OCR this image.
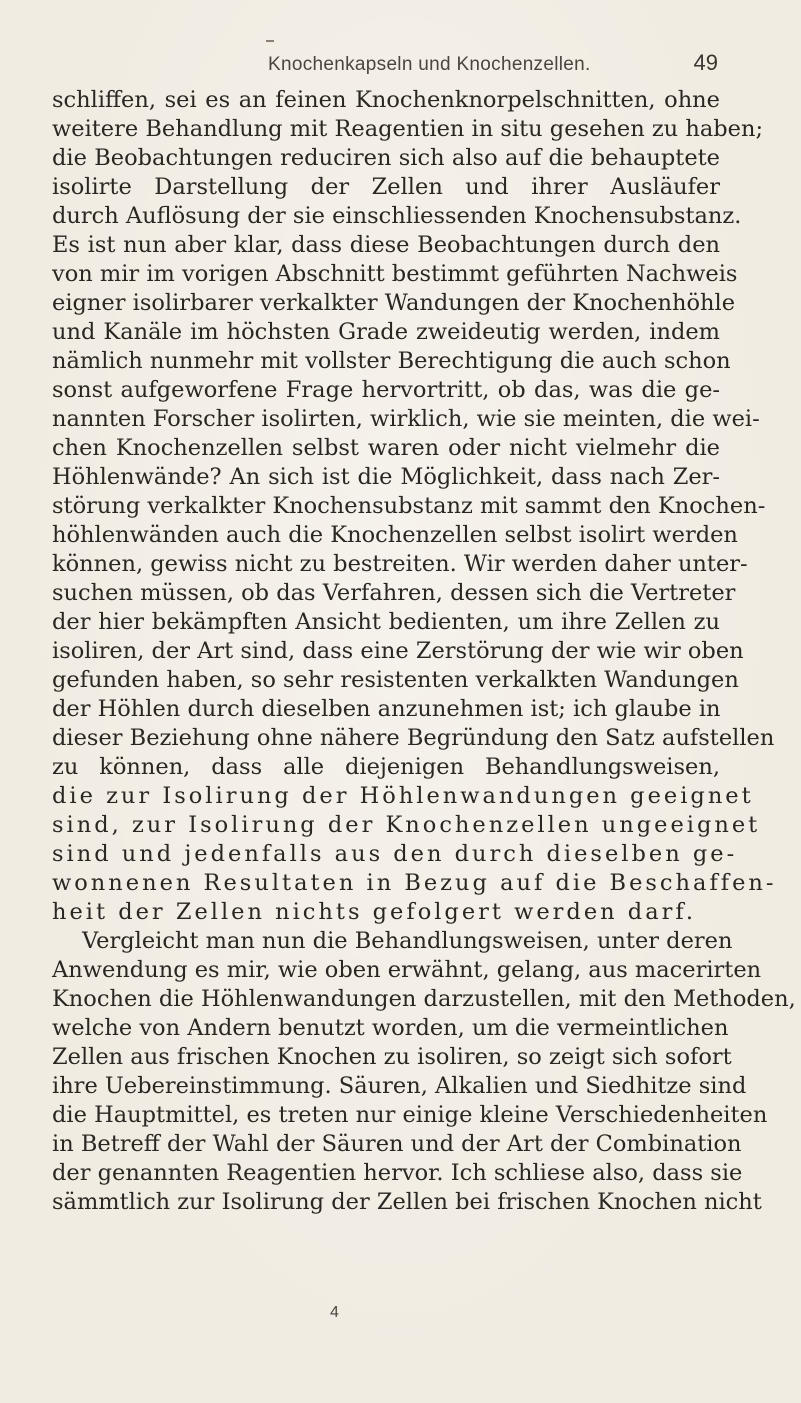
Knochenkapseln und Knochenzellen.	49
schliffen, sei es an feinen Knochenknorpelschnitten, ohne
weitere Behandlung mit Reagentien in situ gesehen zu haben;
die Beobachtungen reduciren sich also auf die behauptete
isolirte Darstellung der Zellen und ihrer Ausläufer
durch Auflösung der sie einschliessenden Knochensubstanz.
Es ist nun aber klar, dass diese Beobachtungen durch den
von mir im vorigen Abschnitt bestimmt geführten Nachweis
eigner isolirbarer verkalkter Wandungen der Knochenhöhle
und Kanäle im höchsten Grade zweideutig werden, indem
nämlich nunmehr mit vollster Berechtigung die auch schon
sonst aufgeworfene Frage hervortritt, ob das, was die ge-
nannten Forscher isolirten, wirklich, wie sie meinten, die wei-
chen Knochenzellen selbst waren oder nicht vielmehr die
Höhlenwände? An sich ist die Möglichkeit, dass nach Zer-
störung verkalkter Knochensubstanz mit sammt den Knochen-
höhlenwänden auch die Knochenzellen selbst isolirt werden
können, gewiss nicht zu bestreiten. Wir werden daher unter-
suchen müssen, ob das Verfahren, dessen sich die Vertreter
der hier bekämpften Ansicht bedienten, um ihre Zellen zu
isoliren, der Art sind, dass eine Zerstörung der wie wir oben
gefunden haben, so sehr resistenten verkalkten Wandungen
der Höhlen durch dieselben anzunehmen ist; ich glaube in
dieser Beziehung ohne nähere Begründung den Satz aufstellen
zu können, dass alle diejenigen Behandlungsweisen,
die zur Isolirung der Höhlenwandungen geeignet
sind, zur Isolirung der Knochenzellen ungeeignet
sind und jedenfalls aus den durch dieselben ge-
wonnenen Resultaten in Bezug auf die Beschaffen-
heit der Zellen nichts gefolgert werden darf.
Vergleicht man nun die Behandlungsweisen, unter deren
Anwendung es mir, wie oben erwähnt, gelang, aus macerirten
Knochen die Höhlenwandungen darzustellen, mit den Methoden,
welche von Andern benutzt worden, um die vermeintlichen
Zellen aus frischen Knochen zu isoliren, so zeigt sich sofort
ihre Uebereinstimmung. Säuren, Alkalien und Siedhitze sind
die Hauptmittel, es treten nur einige kleine Verschiedenheiten
in Betreff der Wahl der Säuren und der Art der Combination
der genannten Reagentien hervor. Ich schliese also, dass sie
sämmtlich zur Isolirung der Zellen bei frischen Knochen nicht
4
